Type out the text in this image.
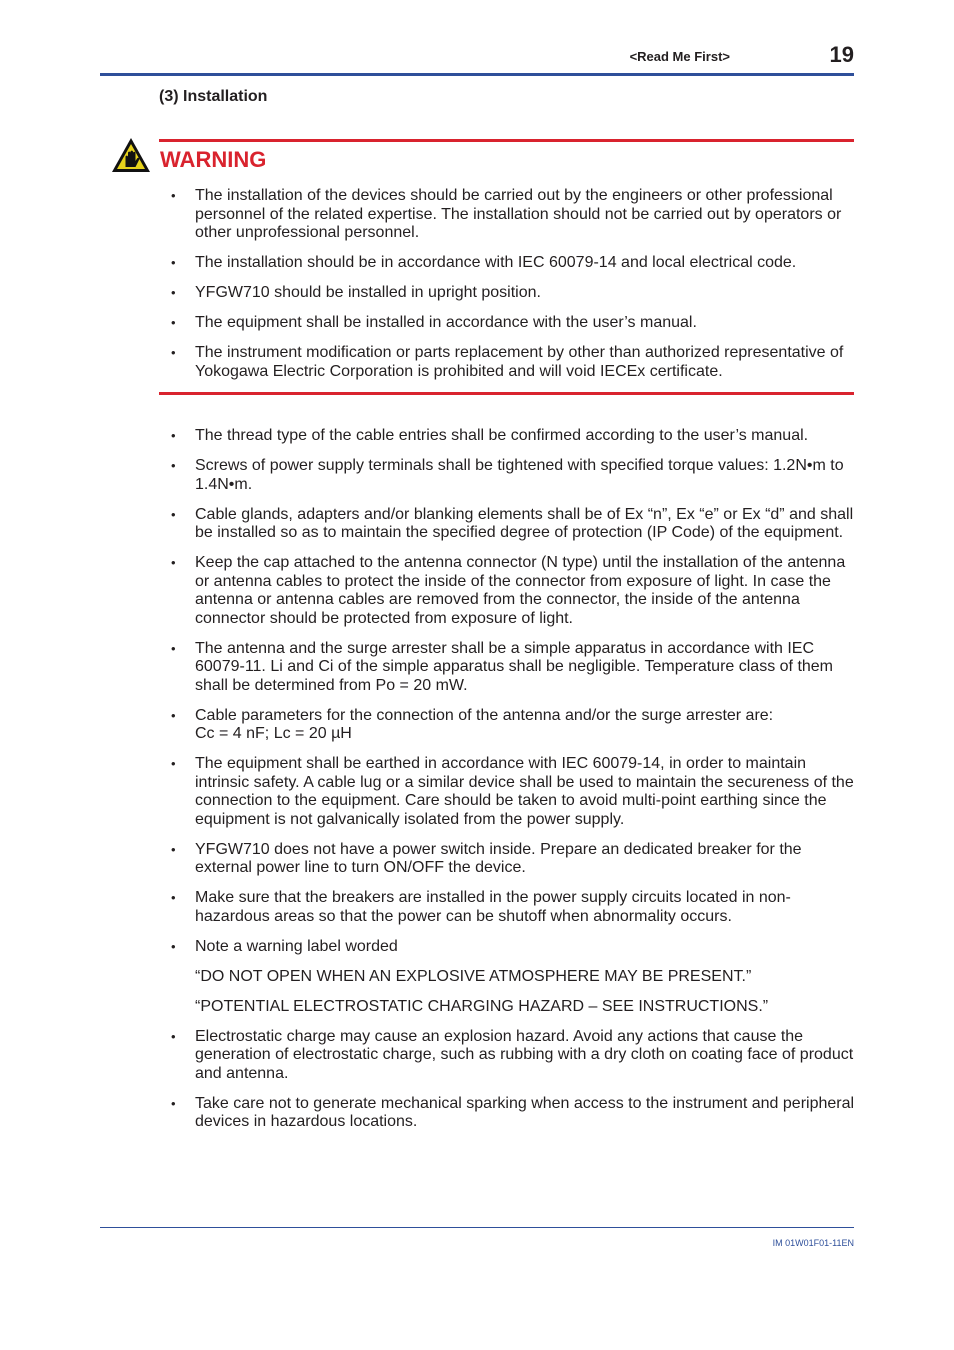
<Read Me First>	19
(3) Installation
WARNING
• The installation of the devices should be carried out by the engineers or other professional personnel of the related expertise. The installation should not be carried out by operators or other unprofessional personnel.
• The installation should be in accordance with IEC 60079-14 and local electrical code.
• YFGW710 should be installed in upright position.
• The equipment shall be installed in accordance with the user’s manual.
• The instrument modification or parts replacement by other than authorized representative of Yokogawa Electric Corporation is prohibited and will void IECEx certificate.
• The thread type of the cable entries shall be confirmed according to the user’s manual.
• Screws of power supply terminals shall be tightened with specified torque values: 1.2N•m to 1.4N•m.
• Cable glands, adapters and/or blanking elements shall be of Ex “n”, Ex “e” or Ex “d” and shall be installed so as to maintain the specified degree of protection (IP Code) of the equipment.
• Keep the cap attached to the antenna connector (N type) until the installation of the antenna or antenna cables to protect the inside of the connector from exposure of light. In case the antenna or antenna cables are removed from the connector, the inside of the antenna connector should be protected from exposure of light.
• The antenna and the surge arrester shall be a simple apparatus in accordance with IEC 60079-11. Li and Ci of the simple apparatus shall be negligible. Temperature class of them shall be determined from Po = 20 mW.
• Cable parameters for the connection of the antenna and/or the surge arrester are:
Cc = 4 nF; Lc = 20 µH
• The equipment shall be earthed in accordance with IEC 60079-14, in order to maintain intrinsic safety. A cable lug or a similar device shall be used to maintain the secureness of the connection to the equipment. Care should be taken to avoid multi-point earthing since the equipment is not galvanically isolated from the power supply.
• YFGW710 does not have a power switch inside. Prepare an dedicated breaker for the external power line to turn ON/OFF the device.
• Make sure that the breakers are installed in the power supply circuits located in non-hazardous areas so that the power can be shutoff when abnormality occurs.
• Note a warning label worded
“DO NOT OPEN WHEN AN EXPLOSIVE ATMOSPHERE MAY BE PRESENT.”
“POTENTIAL ELECTROSTATIC CHARGING HAZARD – SEE INSTRUCTIONS.”
• Electrostatic charge may cause an explosion hazard. Avoid any actions that cause the generation of electrostatic charge, such as rubbing with a dry cloth on coating face of product and antenna.
• Take care not to generate mechanical sparking when access to the instrument and peripheral devices in hazardous locations.
IM 01W01F01-11EN
